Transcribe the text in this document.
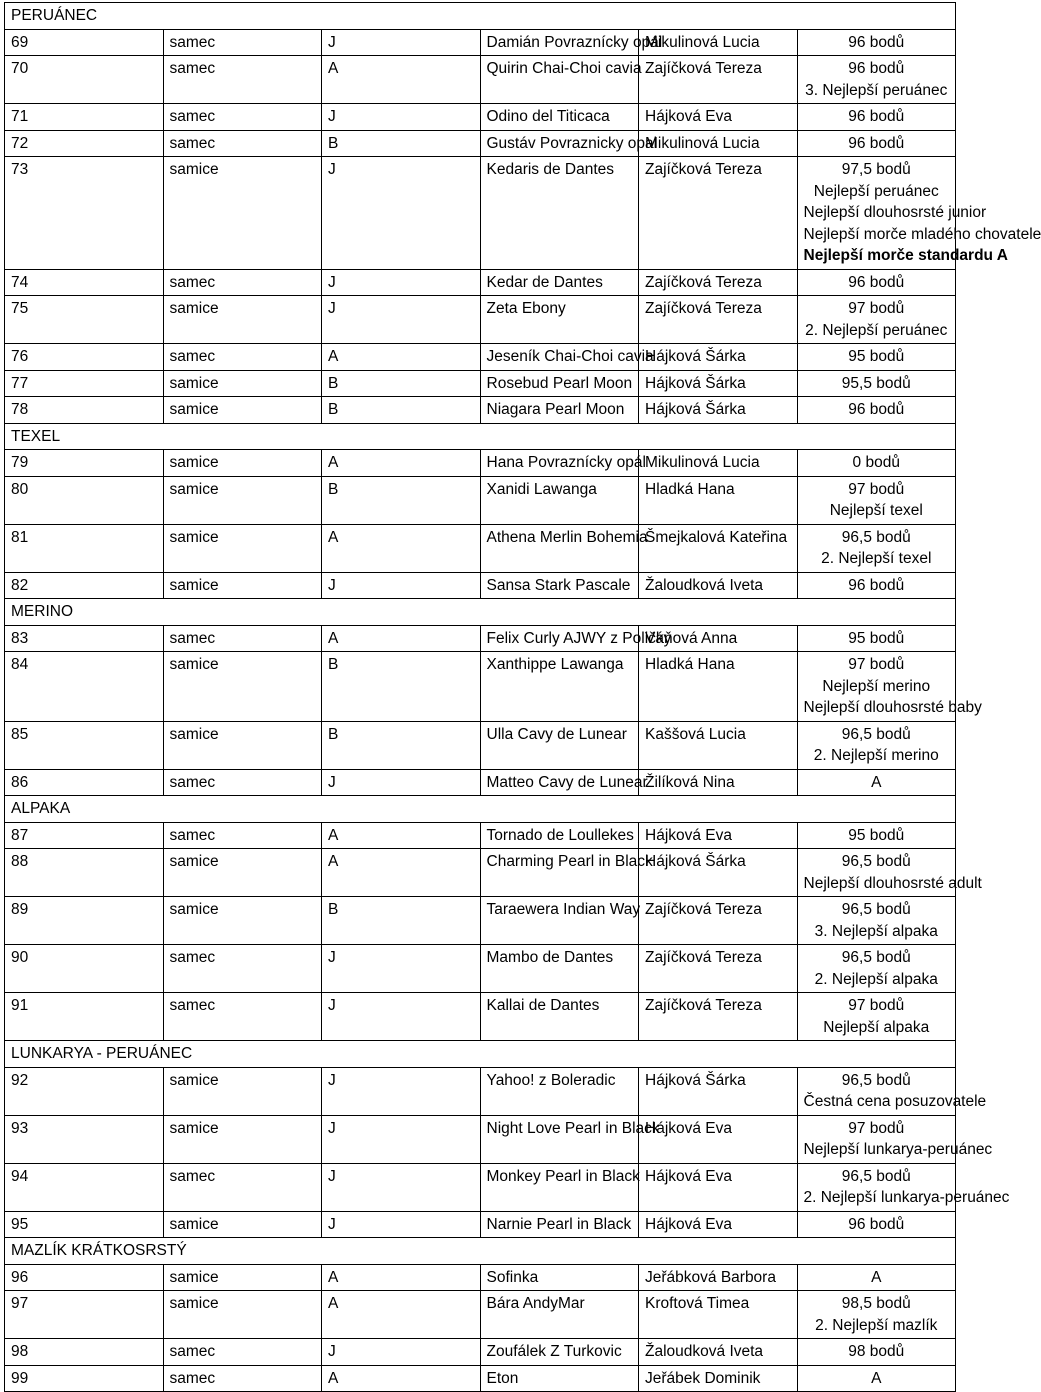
PERUÁNEC					
69	samec	J	Damián Povraznícky opál	Mikulinová Lucia	96 bodů

70	samec	A	Quirin Chai-Choi cavia	Zajíčková Tereza	96 bodů
3. Nejlepší peruánec

71	samec	J	Odino del Titicaca	Hájková Eva	96 bodů

72	samec	B	Gustáv Povraznicky opal	Mikulinová Lucia	96 bodů

73	samice	J	Kedaris de Dantes	Zajíčková Tereza	97,5 bodů
Nejlepší peruánec
Nejlepší dlouhosrsté junior
Nejlepší morče mladého chovatele
Nejlepší morče standardu A

74	samec	J	Kedar de Dantes	Zajíčková Tereza	96 bodů

75	samice	J	Zeta Ebony	Zajíčková Tereza	97 bodů
2. Nejlepší peruánec

76	samec	A	Jeseník Chai-Choi cavia	Hájková Šárka	95 bodů

77	samice	B	Rosebud Pearl Moon	Hájková Šárka	95,5 bodů

78	samice	B	Niagara Pearl Moon	Hájková Šárka	96 bodů

TEXEL					
79	samice	A	Hana Povraznícky opál	Mikulinová Lucia	0 bodů

80	samice	B	Xanidi Lawanga	Hladká Hana	97 bodů
Nejlepší texel

81	samice	A	Athena Merlin Bohemia	Šmejkalová Kateřina	96,5 bodů
2. Nejlepší texel

82	samice	J	Sansa Stark Pascale	Žaloudková Iveta	96 bodů

MERINO					
83	samec	A	Felix Curly AJWY z Poličky	Váňová Anna	95 bodů

84	samice	B	Xanthippe Lawanga	Hladká Hana	97 bodů
Nejlepší merino
Nejlepší dlouhosrsté baby

85	samice	B	Ulla Cavy de Lunear	Kaššová Lucia	96,5 bodů
2. Nejlepší merino

86	samec	J	Matteo Cavy de Lunear	Žilíková Nina	A

ALPAKA					
87	samec	A	Tornado de Loullekes	Hájková Eva	95 bodů

88	samice	A	Charming Pearl in Black	Hájková Šárka	96,5 bodů
Nejlepší dlouhosrsté adult

89	samice	B	Taraewera Indian Way	Zajíčková Tereza	96,5 bodů
3. Nejlepší alpaka

90	samec	J	Mambo de Dantes	Zajíčková Tereza	96,5 bodů
2. Nejlepší alpaka

91	samec	J	Kallai de Dantes	Zajíčková Tereza	97 bodů
Nejlepší alpaka

LUNKARYA - PERUÁNEC					
92	samice	J	Yahoo! z Boleradic	Hájková Šárka	96,5 bodů
Čestná cena posuzovatele

93	samice	J	Night Love Pearl in Black	Hájková Eva	97 bodů
Nejlepší lunkarya-peruánec

94	samec	J	Monkey Pearl in Black	Hájková Eva	96,5 bodů
2. Nejlepší lunkarya-peruánec

95	samice	J	Narnie Pearl in Black	Hájková Eva	96 bodů

MAZLÍK KRÁTKOSRSTÝ					
96	samice	A	Sofinka	Jeřábková Barbora	A

97	samice	A	Bára AndyMar	Kroftová Timea	98,5 bodů
2. Nejlepší mazlík

98	samec	J	Zoufálek Z Turkovic	Žaloudková Iveta	98 bodů

99	samec	A	Eton	Jeřábek Dominik	A
